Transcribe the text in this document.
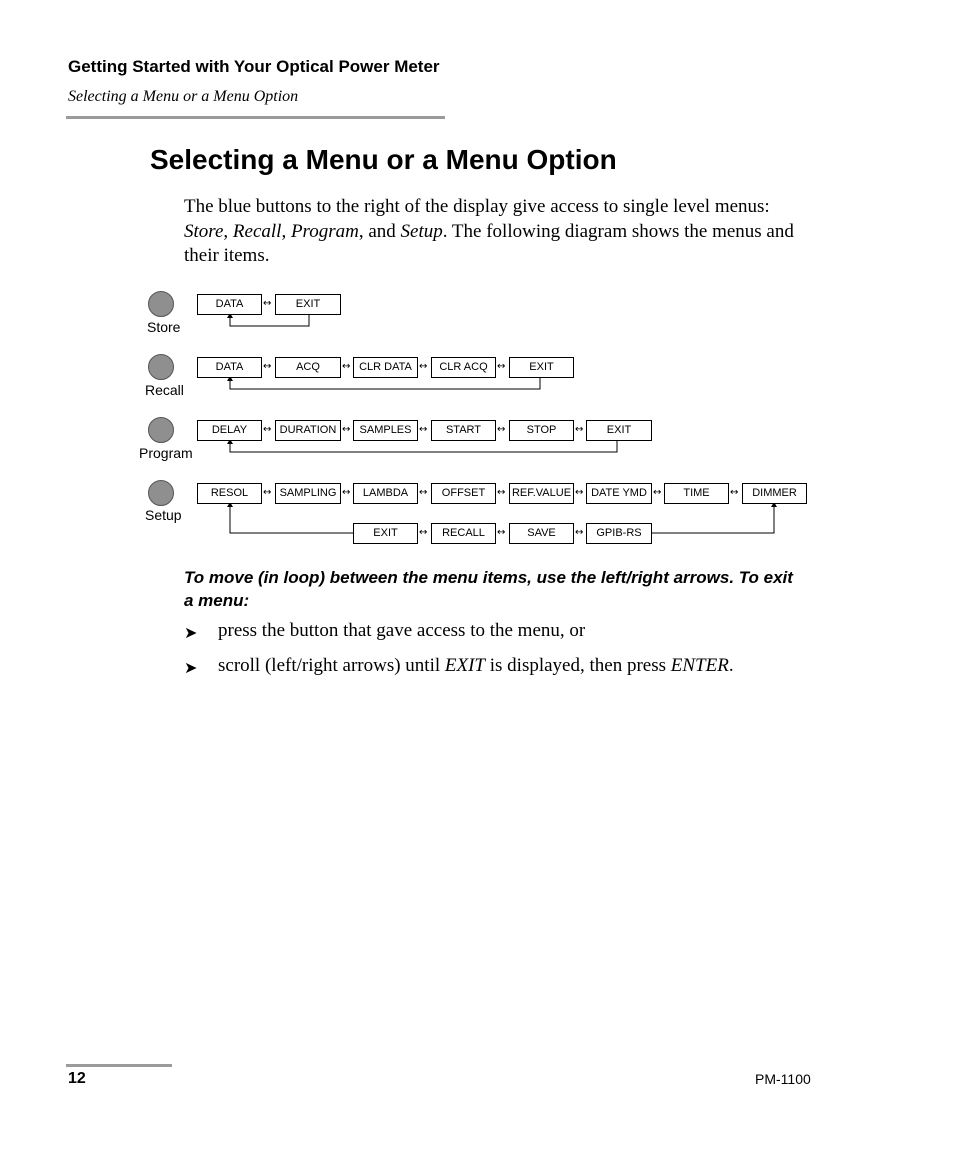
Getting Started with Your Optical Power Meter
Selecting a Menu or a Menu Option
Selecting a Menu or a Menu Option
The blue buttons to the right of the display give access to single level menus: Store, Recall, Program, and Setup. The following diagram shows the menus and their items.
Store
DATA	↔	EXIT
Recall
DATA	↔	ACQ	↔ CLR DATA ↔	CLR ACQ ↔	EXIT
Program
DELAY	↔ DURATION ↔ SAMPLES ↔	START	↔	STOP	↔	EXIT
Setup
RESOL	↔ SAMPLING ↔	LAMBDA	↔	OFFSET	↔ REF.VALUE ↔ DATE YMD ↔	TIME	↔	DIMMER
EXIT	↔	RECALL	↔	SAVE	↔	GPIB-RS
To move (in loop) between the menu items, use the left/right arrows. To exit a menu:
➤ press the button that gave access to the menu, or
➤ scroll (left/right arrows) until EXIT is displayed, then press ENTER.
12	PM-1100
